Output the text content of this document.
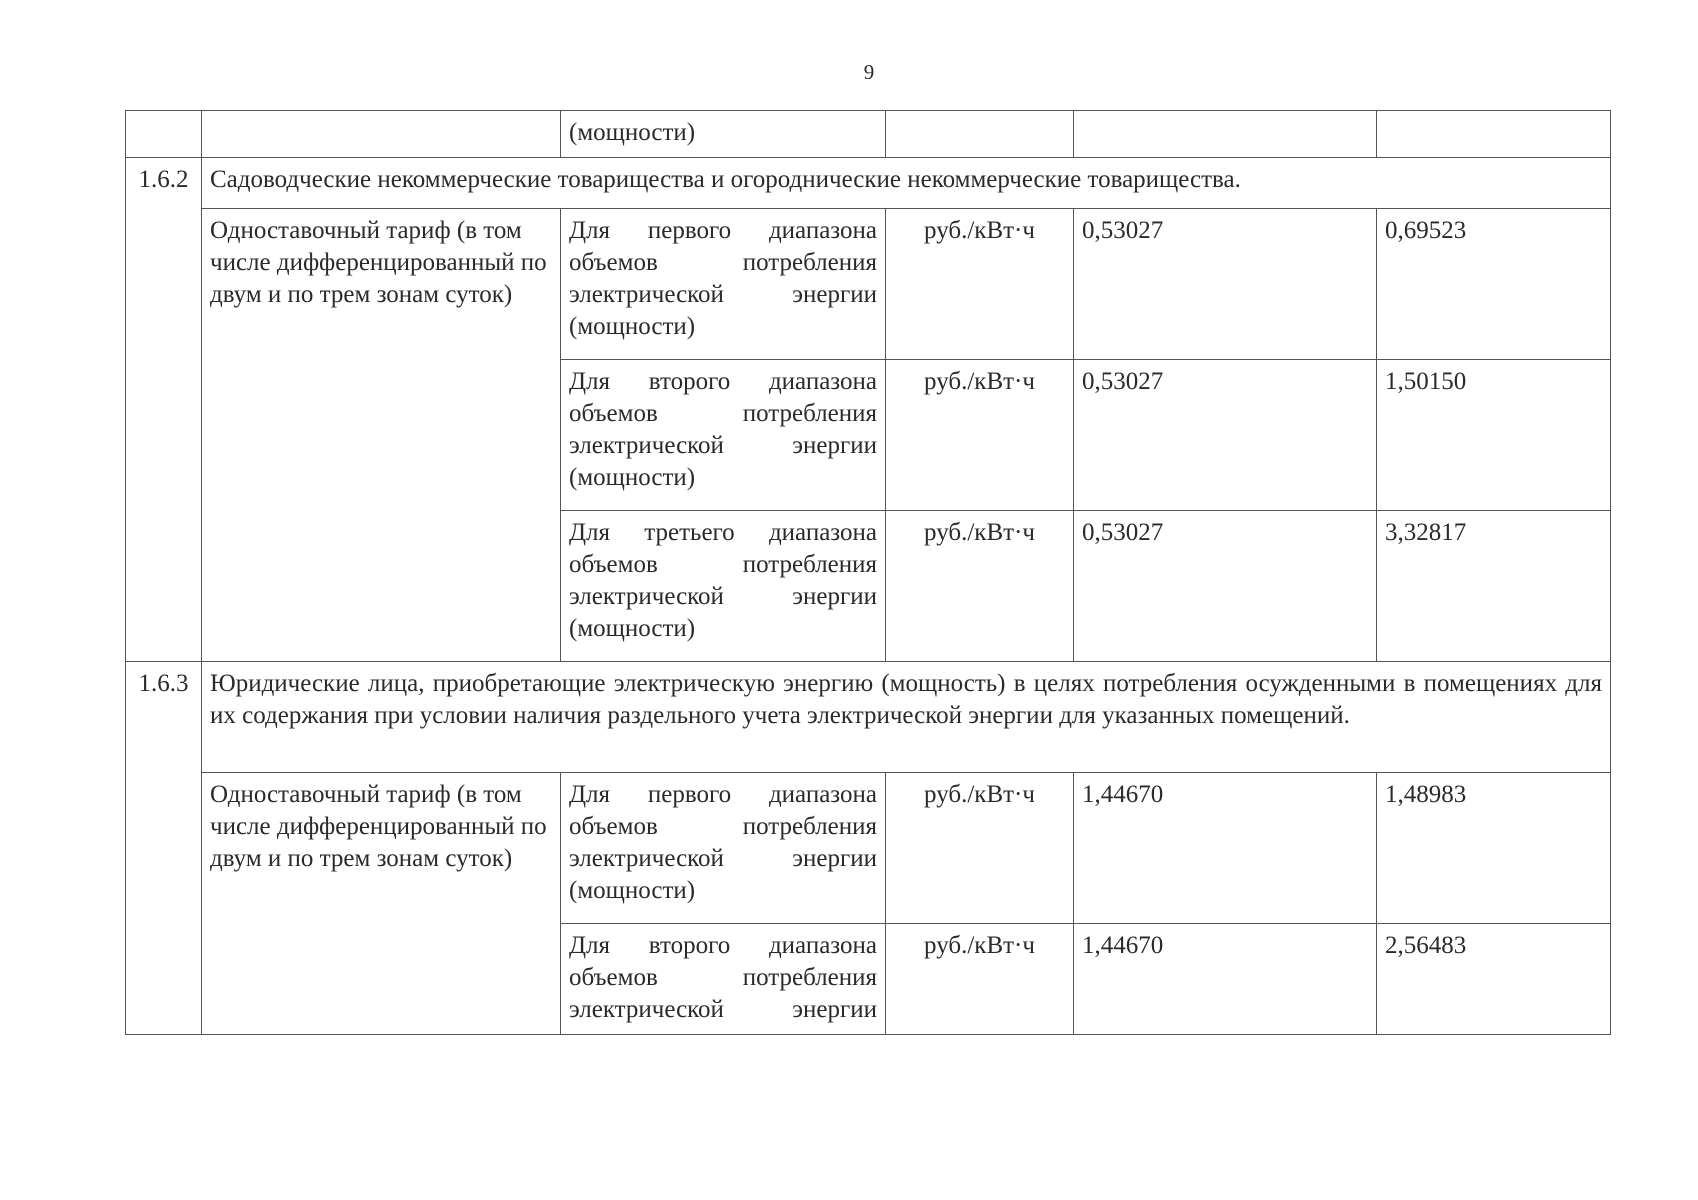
9
		(мощности)			
1.6.2	Садоводческие некоммерческие товарищества и огороднические некоммерческие товарищества.				
	Одноставочный тариф (в том числе дифференцированный по двум и по трем зонам суток)	Для первого диапазона
объемов потребления
электрической энергии
(мощности)	руб./кВт·ч	0,53027	0,69523

		Для второго диапазона
объемов потребления
электрической энергии
(мощности)	руб./кВт·ч	0,53027	1,50150

		Для третьего диапазона
объемов потребления
электрической энергии
(мощности)	руб./кВт·ч	0,53027	3,32817
1.6.3	Юридические лица, приобретающие электрическую энергию (мощность) в целях потребления осужденными в помещениях для их содержания при условии наличия раздельного учета электрической энергии для указанных помещений.				
	Одноставочный тариф (в том числе дифференцированный по двум и по трем зонам суток)	Для первого диапазона
объемов потребления
электрической энергии
(мощности)	руб./кВт·ч	1,44670	1,48983

		Для второго диапазона
объемов потребления
электрической энергии	руб./кВт·ч	1,44670	2,56483
